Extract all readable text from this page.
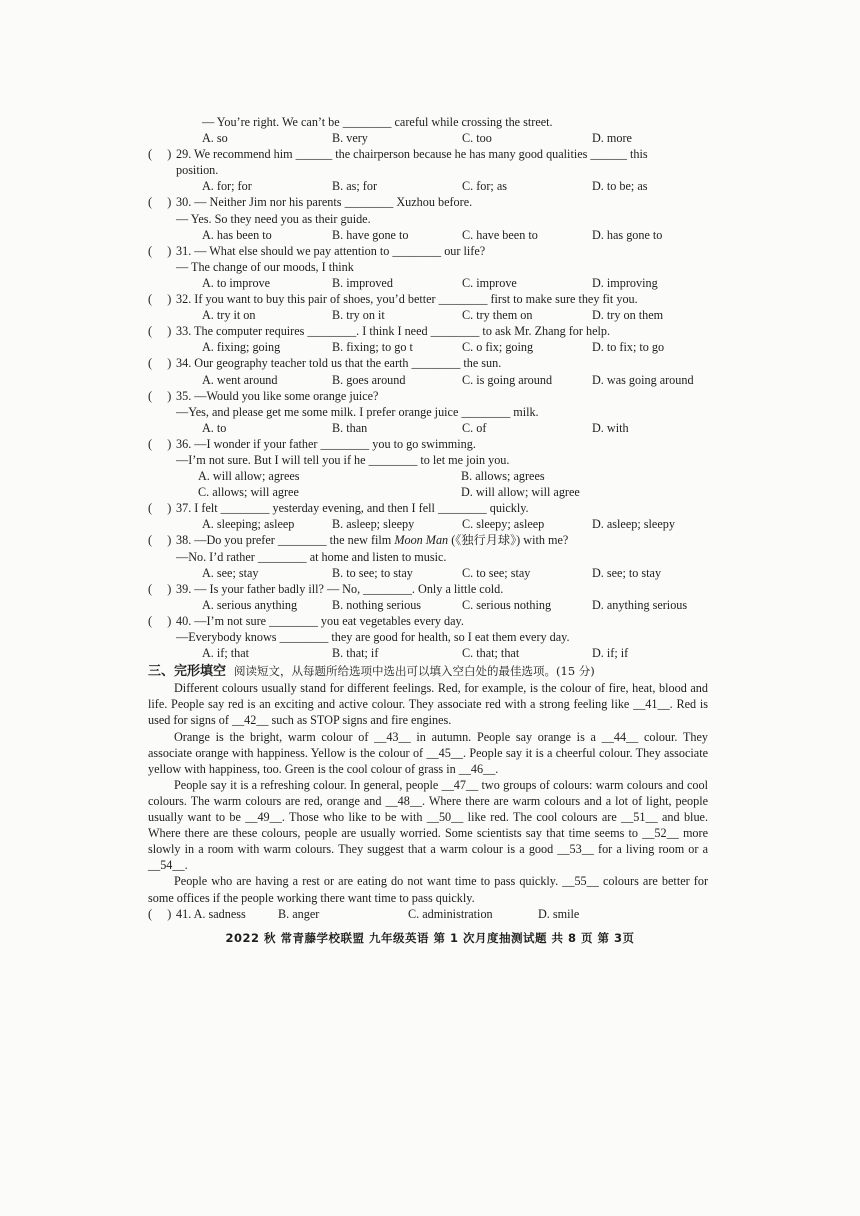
— You’re right. We can’t be ________ careful while crossing the street.
A. so	B. very	C. too	D. more
(     ) 29. We recommend him ______ the chairperson because he has many good qualities ______ this
position.
A. for; for	B. as; for	C. for; as	D. to be; as
(     ) 30. — Neither Jim nor his parents ________ Xuzhou before.
— Yes. So they need you as their guide.
A. has been to	B. have gone to	C. have been to	D. has gone to
(     ) 31. — What else should we pay attention to ________ our life?
— The change of our moods, I think
A. to improve	B. improved	C. improve	D. improving
(     ) 32. If you want to buy this pair of shoes, you’d better ________ first to make sure they fit you.
A. try it on	B. try on it	C. try them on	D. try on them
(     ) 33. The computer requires ________. I think I need ________ to ask Mr. Zhang for help.
A. fixing; going	B. fixing; to go t	C. o fix; going	D. to fix; to go
(     ) 34. Our geography teacher told us that the earth ________ the sun.
A. went around	B. goes around	C. is going around	D. was going around
(     ) 35. —Would you like some orange juice?
—Yes, and please get me some milk. I prefer orange juice ________ milk.
A. to	B. than	C. of	D. with
(     ) 36. —I wonder if your father ________ you to go swimming.
—I’m not sure. But I will tell you if he ________ to let me join you.
A. will allow; agrees	B. allows; agrees
C. allows; will agree	D. will allow; will agree
(     ) 37. I felt ________ yesterday evening, and then I fell ________ quickly.
A. sleeping; asleep	B. asleep; sleepy	C. sleepy; asleep	D. asleep; sleepy
(     ) 38. —Do you prefer ________ the new film Moon Man (《独行月球》) with me?
—No. I’d rather ________ at home and listen to music.
A. see; stay	B. to see; to stay	C. to see; stay	D. see; to stay
(     ) 39. — Is your father badly ill? — No, ________. Only a little cold.
A. serious anything	B. nothing serious	C. serious nothing	D. anything serious
(     ) 40. —I’m not sure ________ you eat vegetables every day.
—Everybody knows ________ they are good for health, so I eat them every day.
A. if; that	B. that; if	C. that; that	D. if; if
三、完形填空 阅读短文，从每题所给选项中选出可以填入空白处的最佳选项。(15 分)
Different colours usually stand for different feelings. Red, for example, is the colour of fire, heat, blood and life. People say red is an exciting and active colour. They associate red with a strong feeling like __41__. Red is used for signs of __42__ such as STOP signs and fire engines.
Orange is the bright, warm colour of __43__ in autumn. People say orange is a __44__ colour. They associate orange with happiness. Yellow is the colour of __45__. People say it is a cheerful colour. They associate yellow with happiness, too. Green is the cool colour of grass in __46__.
People say it is a refreshing colour. In general, people __47__ two groups of colours: warm colours and cool colours. The warm colours are red, orange and __48__. Where there are warm colours and a lot of light, people usually want to be __49__. Those who like to be with __50__ like red. The cool colours are __51__ and blue. Where there are these colours, people are usually worried. Some scientists say that time seems to __52__ more slowly in a room with warm colours. They suggest that a warm colour is a good __53__ for a living room or a __54__.
People who are having a rest or are eating do not want time to pass quickly. __55__ colours are better for some offices if the people working there want time to pass quickly.
(     ) 41. A. sadness	B. anger	C. administration	D. smile
2022 秋 常青藤学校联盟 九年级英语 第 1 次月度抽测试题 共 8 页 第 3页
